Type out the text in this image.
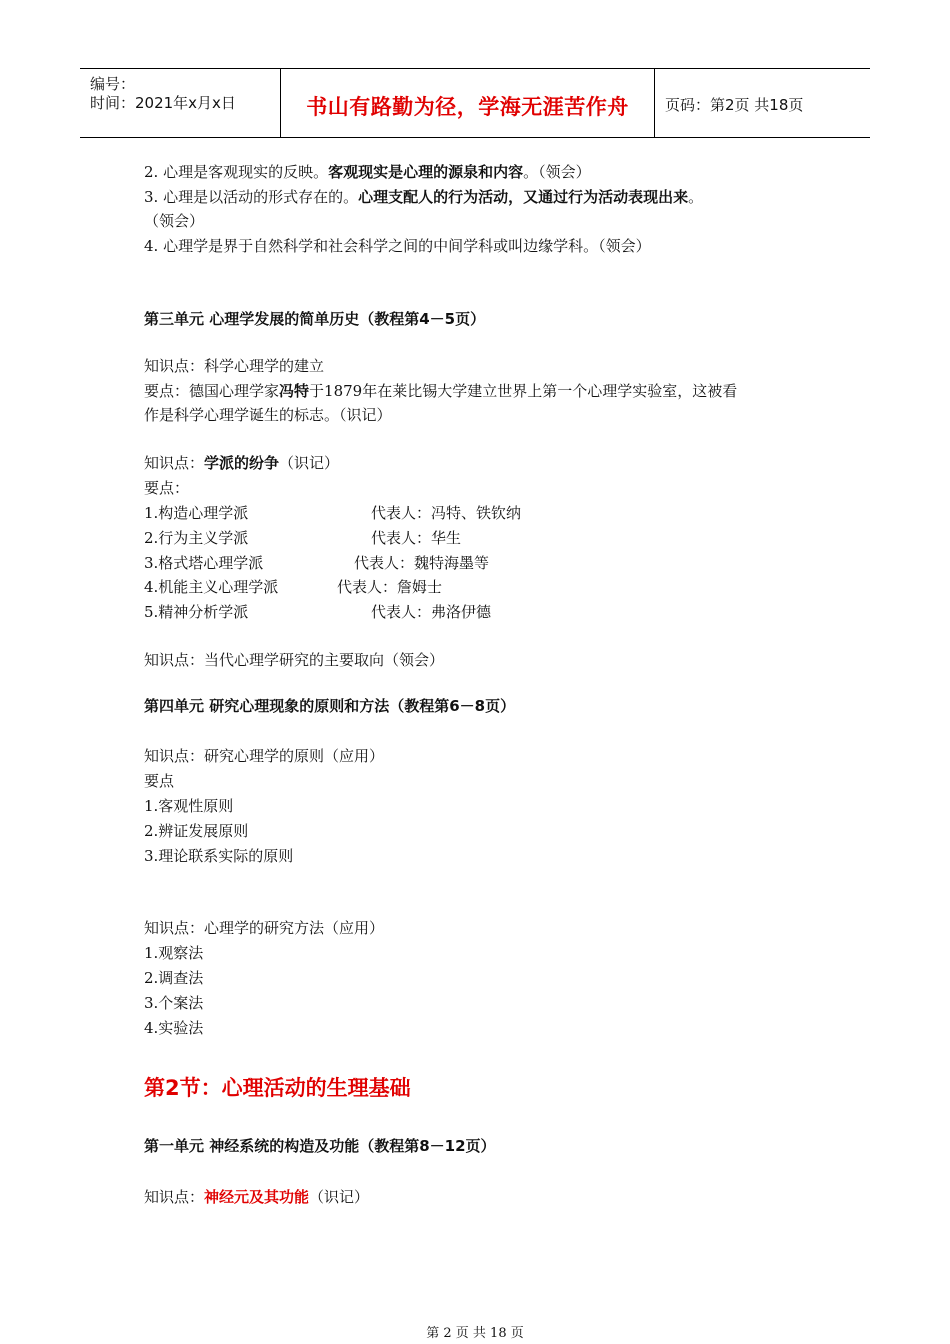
编号：
时间：2021年x月x日	书山有路勤为径，学海无涯苦作舟	页码：第2页 共18页
2. 心理是客观现实的反映。客观现实是心理的源泉和内容。（领会）
3. 心理是以活动的形式存在的。心理支配人的行为活动，又通过行为活动表现出来。
（领会）
4. 心理学是界于自然科学和社会科学之间的中间学科或叫边缘学科。（领会）
第三单元 心理学发展的简单历史（教程第4－5页）
知识点：科学心理学的建立
要点：德国心理学家冯特于1879年在莱比锡大学建立世界上第一个心理学实验室，这被看
作是科学心理学诞生的标志。（识记）
知识点：学派的纷争（识记）
要点：
1.构造心理学派	代表人：冯特、铁钦纳
2.行为主义学派	代表人：华生
3.格式塔心理学派	代表人：魏特海墨等
4.机能主义心理学派	代表人：詹姆士
5.精神分析学派	代表人：弗洛伊德
知识点：当代心理学研究的主要取向（领会）
第四单元 研究心理现象的原则和方法（教程第6－8页）
知识点：研究心理学的原则（应用）
要点
1.客观性原则
2.辨证发展原则
3.理论联系实际的原则
知识点：心理学的研究方法（应用）
1.观察法
2.调查法
3.个案法
4.实验法
第2节：心理活动的生理基础
第一单元 神经系统的构造及功能（教程第8－12页）
知识点：神经元及其功能（识记）
第 2 页 共 18 页
